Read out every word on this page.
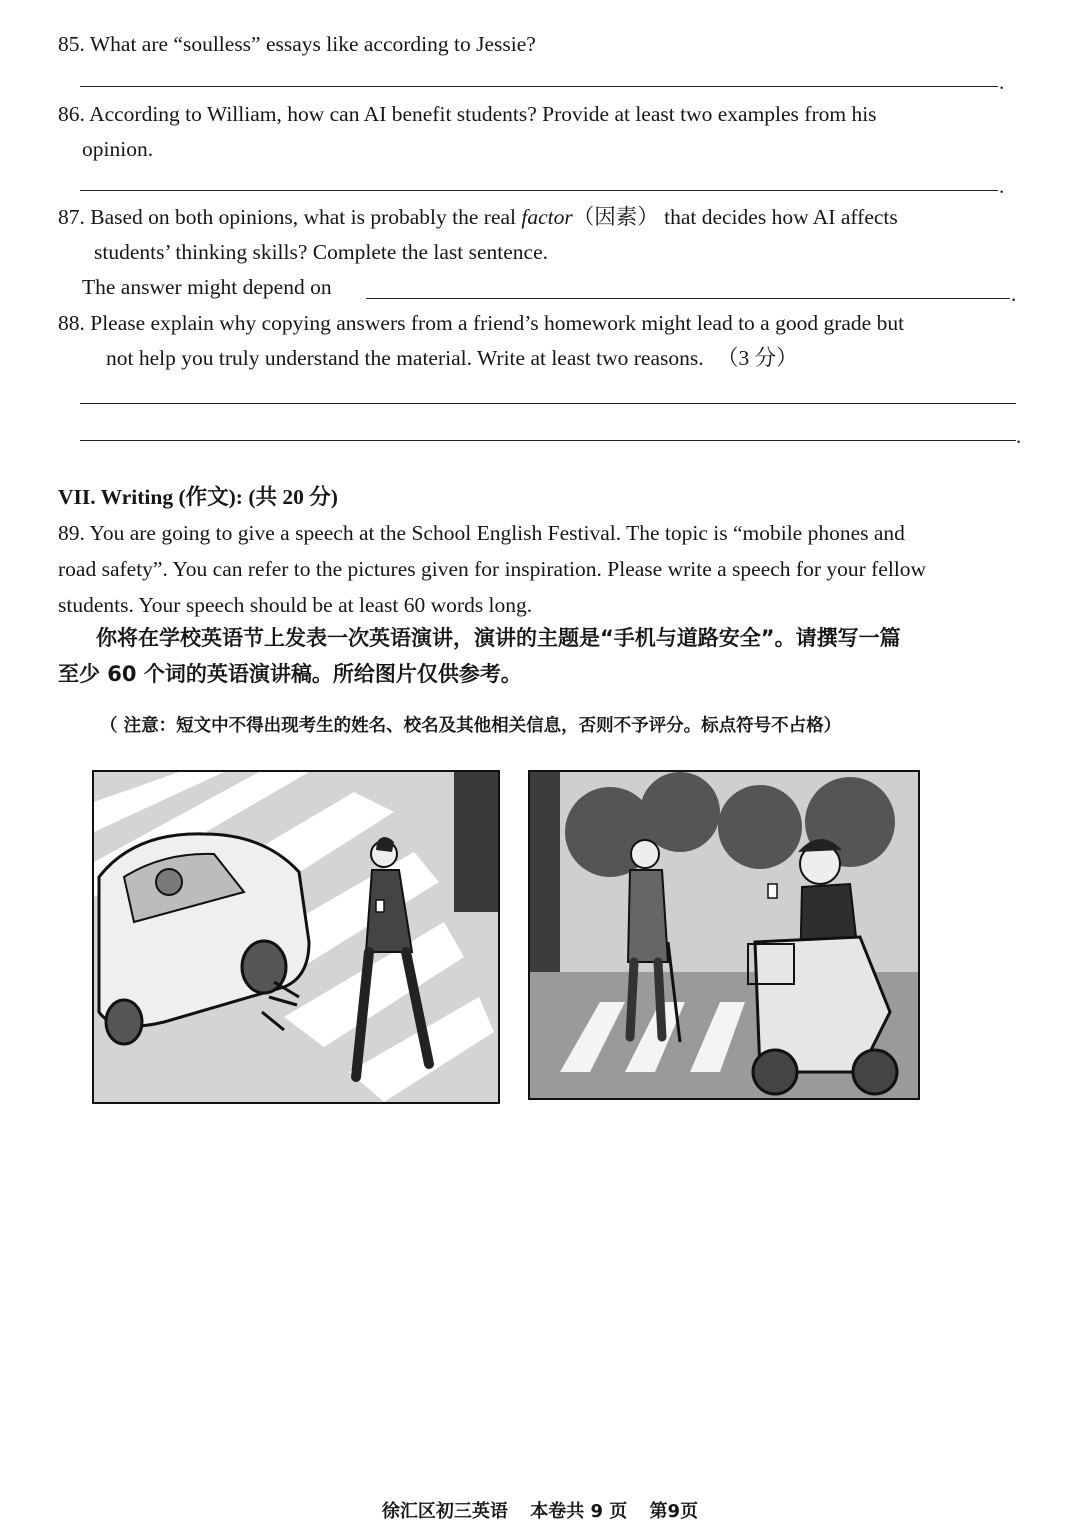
85. What are “soulless” essays like according to Jessie?
.
86. According to William, how can AI benefit students? Provide at least two examples from his
opinion.
.
87. Based on both opinions, what is probably the real factor（因素） that decides how AI affects
students’ thinking skills? Complete the last sentence.
The answer might depend on	.
88. Please explain why copying answers from a friend’s homework might lead to a good grade but
not help you truly understand the material. Write at least two reasons. （3 分）
.
VII. Writing (作文): (共 20 分)
89. You are going to give a speech at the School English Festival. The topic is “mobile phones and
road safety”. You can refer to the pictures given for inspiration. Please write a speech for your fellow
students. Your speech should be at least 60 words long.
你将在学校英语节上发表一次英语演讲，演讲的主题是“手机与道路安全”。请撰写一篇
至少 60 个词的英语演讲稿。所给图片仅供参考。
（ 注意：短文中不得出现考生的姓名、校名及其他相关信息，否则不予评分。标点符号不占格）
徐汇区初三英语 本卷共 9 页 第9页
